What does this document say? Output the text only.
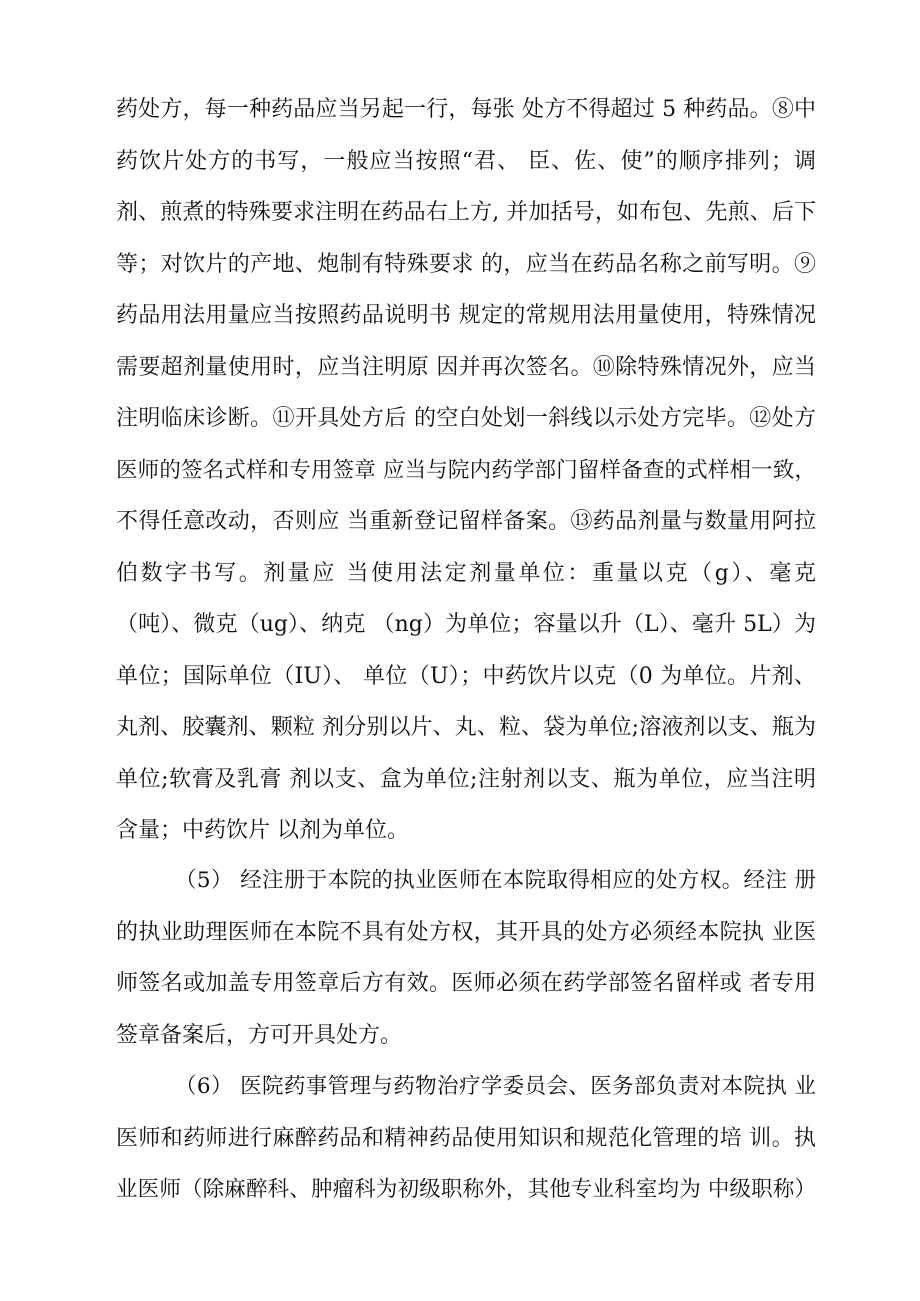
药处方，每一种药品应当另起一行，每张 处方不得超过 5 种药品。⑧中
药饮片处方的书写，一般应当按照“君、 臣、佐、使”的顺序排列；调
剂、煎煮的特殊要求注明在药品右上方, 并加括号，如布包、先煎、后下
等；对饮片的产地、炮制有特殊要求 的，应当在药品名称之前写明。⑨
药品用法用量应当按照药品说明书 规定的常规用法用量使用，特殊情况
需要超剂量使用时，应当注明原 因并再次签名。⑩除特殊情况外，应当
注明临床诊断。⑪开具处方后 的空白处划一斜线以示处方完毕。⑫处方
医师的签名式样和专用签章 应当与院内药学部门留样备查的式样相一致，
不得任意改动，否则应 当重新登记留样备案。⑬药品剂量与数量用阿拉
伯数字书写。剂量应 当使用法定剂量单位：重量以克（g）、毫克
（吨）、微克（ug）、纳克 （ng）为单位；容量以升（L）、毫升 5L）为
单位；国际单位（IU）、 单位（U）；中药饮片以克（0 为单位。片剂、
丸剂、胶囊剂、颗粒 剂分别以片、丸、粒、袋为单位;溶液剂以支、瓶为
单位;软膏及乳膏 剂以支、盒为单位;注射剂以支、瓶为单位，应当注明
含量；中药饮片 以剂为单位。
（5） 经注册于本院的执业医师在本院取得相应的处方权。经注 册
的执业助理医师在本院不具有处方权，其开具的处方必须经本院执 业医
师签名或加盖专用签章后方有效。医师必须在药学部签名留样或 者专用
签章备案后，方可开具处方。
（6） 医院药事管理与药物治疗学委员会、医务部负责对本院执 业
医师和药师进行麻醉药品和精神药品使用知识和规范化管理的培 训。执
业医师（除麻醉科、肿瘤科为初级职称外，其他专业科室均为 中级职称）
